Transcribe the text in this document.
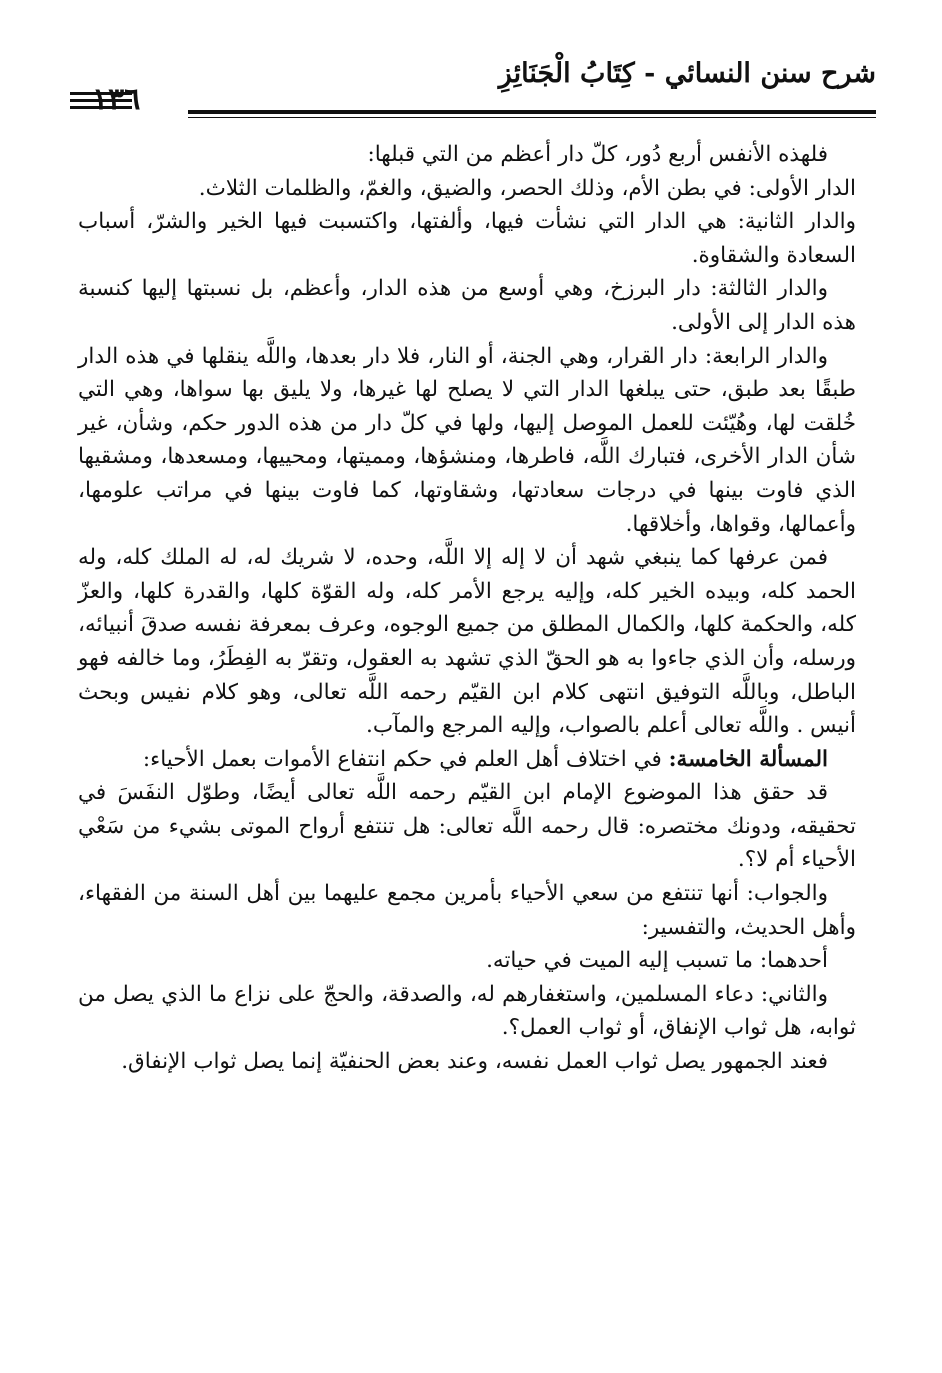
شرح سنن النسائي - كِتَابُ الْجَنَائِزِ
١٣٦

فلهذه الأنفس أربع دُور، كلّ دار أعظم من التي قبلها:

الدار الأولى: في بطن الأم، وذلك الحصر، والضيق، والغمّ، والظلمات الثلاث.

والدار الثانية: هي الدار التي نشأت فيها، وألفتها، واكتسبت فيها الخير والشرّ، أسباب السعادة والشقاوة.

والدار الثالثة: دار البرزخ، وهي أوسع من هذه الدار، وأعظم، بل نسبتها إليها كنسبة هذه الدار إلى الأولى.

والدار الرابعة: دار القرار، وهي الجنة، أو النار، فلا دار بعدها، واللَّه ينقلها في هذه الدار طبقًا بعد طبق، حتى يبلغها الدار التي لا يصلح لها غيرها، ولا يليق بها سواها، وهي التي خُلقت لها، وهُيّئت للعمل الموصل إليها، ولها في كلّ دار من هذه الدور حكم، وشأن، غير شأن الدار الأخرى، فتبارك اللَّه، فاطرها، ومنشؤها، ومميتها، ومحييها، ومسعدها، ومشقيها الذي فاوت بينها في درجات سعادتها، وشقاوتها، كما فاوت بينها في مراتب علومها، وأعمالها، وقواها، وأخلاقها.

فمن عرفها كما ينبغي شهد أن لا إله إلا اللَّه، وحده، لا شريك له، له الملك كله، وله الحمد كله، وبيده الخير كله، وإليه يرجع الأمر كله، وله القوّة كلها، والقدرة كلها، والعزّ كله، والحكمة كلها، والكمال المطلق من جميع الوجوه، وعرف بمعرفة نفسه صدقَ أنبيائه، ورسله، وأن الذي جاءوا به هو الحقّ الذي تشهد به العقول، وتقرّ به الفِطَرُ، وما خالفه فهو الباطل، وباللَّه التوفيق انتهى كلام ابن القيّم رحمه اللَّه تعالى، وهو كلام نفيس وبحث أنيس . واللَّه تعالى أعلم بالصواب، وإليه المرجع والمآب.

المسألة الخامسة: في اختلاف أهل العلم في حكم انتفاع الأموات بعمل الأحياء:

قد حقق هذا الموضوع الإمام ابن القيّم رحمه اللَّه تعالى أيضًا، وطوّل النفَسَ في تحقيقه، ودونك مختصره: قال رحمه اللَّه تعالى: هل تنتفع أرواح الموتى بشيء من سَعْي الأحياء أم لا؟.

والجواب: أنها تنتفع من سعي الأحياء بأمرين مجمع عليهما بين أهل السنة من الفقهاء، وأهل الحديث، والتفسير:

أحدهما: ما تسبب إليه الميت في حياته.

والثاني: دعاء المسلمين، واستغفارهم له، والصدقة، والحجّ على نزاع ما الذي يصل من ثوابه، هل ثواب الإنفاق، أو ثواب العمل؟.

فعند الجمهور يصل ثواب العمل نفسه، وعند بعض الحنفيّة إنما يصل ثواب الإنفاق.
